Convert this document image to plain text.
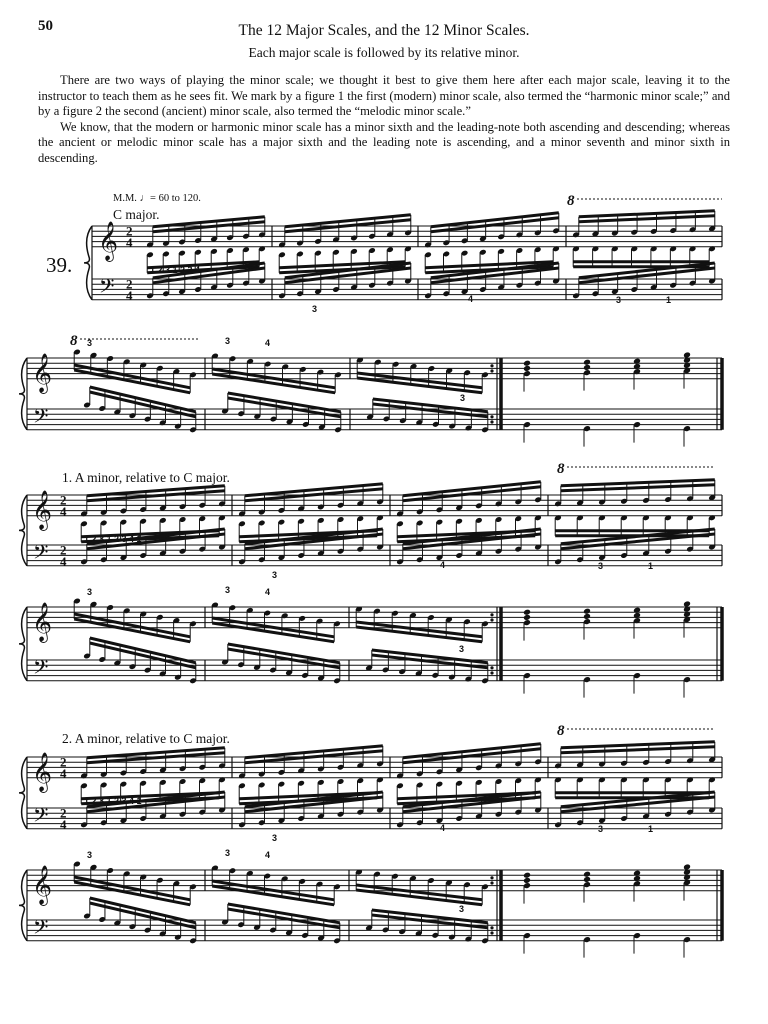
50	The 12 Major Scales, and the 12 Minor Scales.
Each major scale is followed by its relative minor.

There are two ways of playing the minor scale; we thought it best to give them here after each major scale, leaving it to the instructor to teach them as he sees fit. We mark by a figure 1 the first (modern) minor scale, also termed the “harmonic minor scale;” and by a figure 2 the second (ancient) minor scale, also termed the “melodic minor scale.”

We know, that the modern or harmonic minor scale has a minor sixth and the leading-note both ascending and descending; whereas the ancient or melodic minor scale has a major sixth and the leading note is ascending, and a minor seventh and minor sixth in descending.

M.M. ♩= 60 to 120.
C major.
39.
1. A minor, relative to C major.
2. A minor, relative to C major.
𝄞
𝄢
2
4
2
4
8
1 2 3 1 2 3 4
3
4	3	1
𝄞
𝄢
8 3	3	4
3
𝄞
𝄢
2
4
2
4
8
1 2 3 1 2 3 4 1
3
4	3	1
𝄞
𝄢
3	3	4
3
𝄞
𝄢
2
4
2
4
8
1 2 3 1 2 3 4 1
3
4	3	1
𝄞
𝄢
3	3	4
3
